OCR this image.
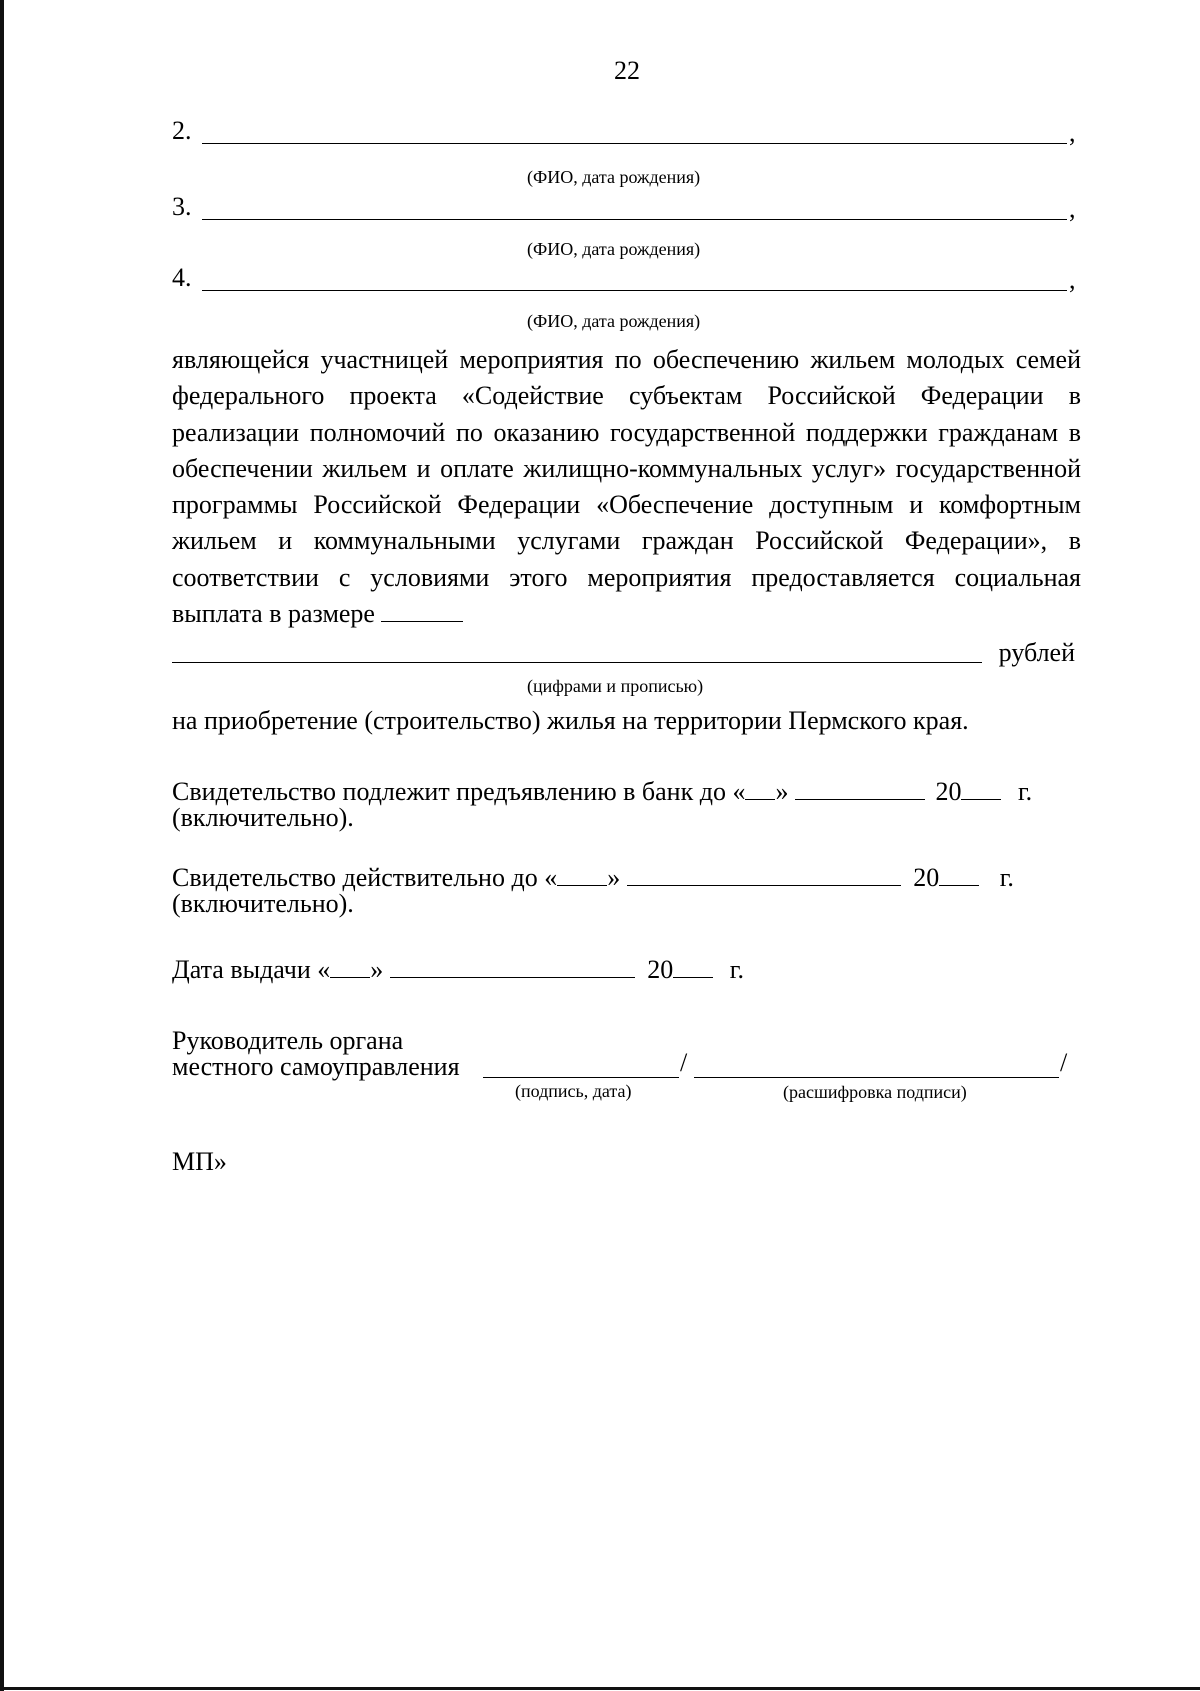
22
2.	,
(ФИО, дата рождения)
3.	,
(ФИО, дата рождения)
4.	,
(ФИО, дата рождения)

являющейся участницей мероприятия по обеспечению жильем молодых семей федерального проекта «Содействие субъектам Российской Федерации в реализации полномочий по оказанию государственной поддержки гражданам в обеспечении жильем и оплате жилищно-коммунальных услуг» государственной программы Российской Федерации «Обеспечение доступным и комфортным жильем и коммунальными услугами граждан Российской Федерации», в соответствии с условиями этого мероприятия предоставляется социальная выплата в размере

рублей
(цифрами и прописью)
на приобретение (строительство) жилья на территории Пермского края.
Свидетельство подлежит предъявлению в банк до « »	20 г.
(включительно).
Свидетельство действительно до « »	20 г.
(включительно).
Дата выдачи « »	20 г.
Руководитель органа
местного самоуправления	/	/
(подпись, дата)	(расшифровка подписи)
МП»
